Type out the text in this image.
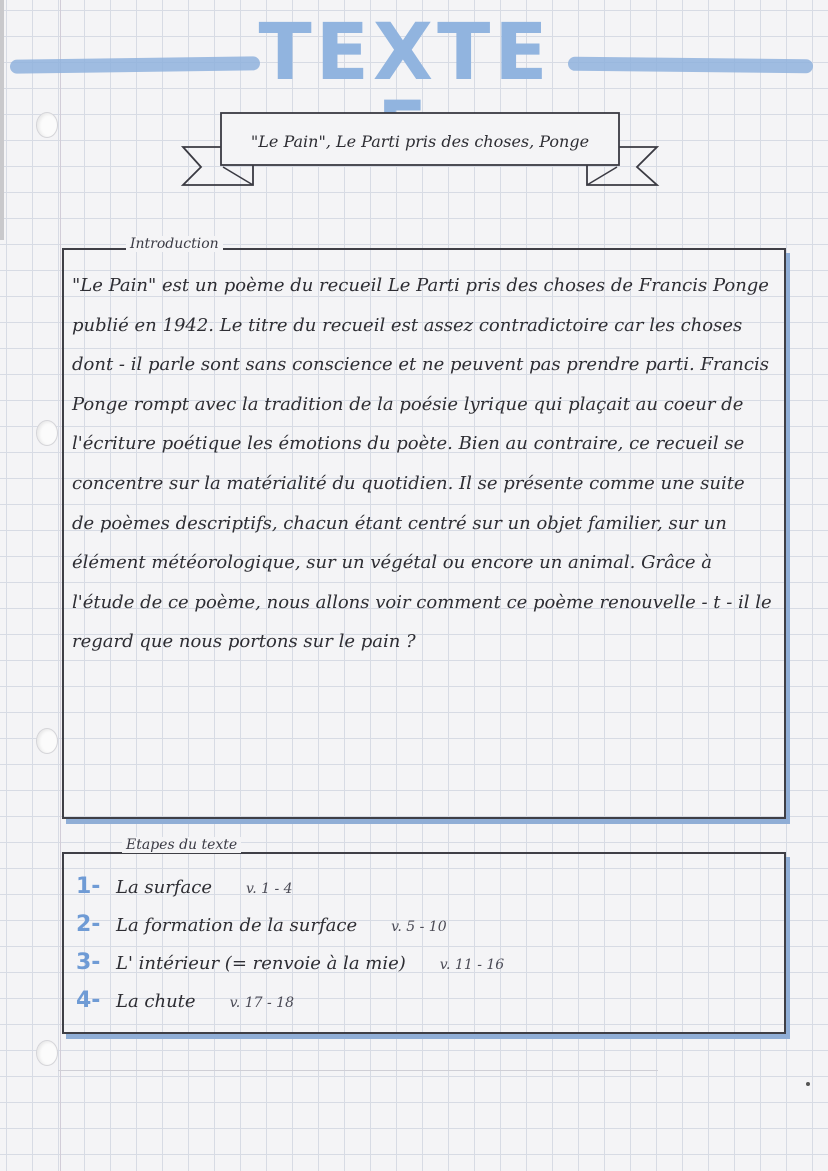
TEXTE
"Le Pain", Le Parti pris des choses, Ponge
Introduction

"Le Pain" est un poème du recueil Le Parti pris des choses de Francis Ponge publié en 1942. Le titre du recueil est assez contradictoire car les choses dont - il parle sont sans conscience et ne peuvent pas prendre parti. Francis Ponge rompt avec la tradition de la poésie lyrique qui plaçait au coeur de l'écriture poétique les émotions du poète. Bien au contraire, ce recueil se concentre sur la matérialité du quotidien. Il se présente comme une suite de poèmes descriptifs, chacun étant centré sur un objet familier, sur un élément météorologique, sur un végétal ou encore un animal. Grâce à l'étude de ce poème, nous allons voir comment ce poème renouvelle - t - il le regard que nous portons sur le pain ?

Etapes du texte
1- La surface v. 1 - 4
2- La formation de la surface v. 5 - 10
3- L' intérieur (= renvoie à la mie) v. 11 - 16
4- La chute v. 17 - 18
